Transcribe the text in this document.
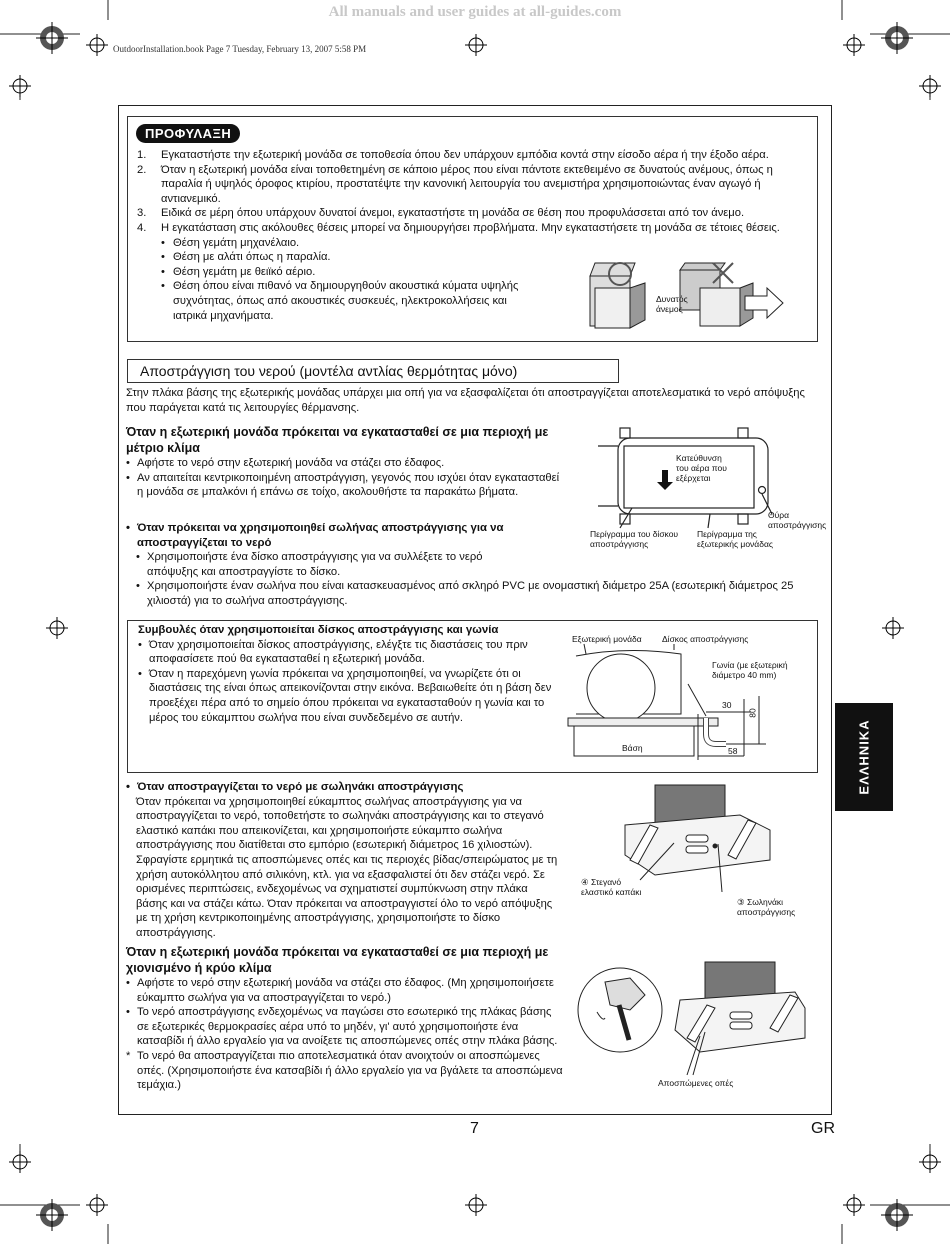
All manuals and user guides at all-guides.com
OutdoorInstallation.book Page 7 Tuesday, February 13, 2007 5:58 PM
ΠΡΟΦΥΛΑΞΗ
1.	Εγκαταστήστε την εξωτερική μονάδα σε τοποθεσία όπου δεν υπάρχουν εμπόδια κοντά στην είσοδο αέρα ή την έξοδο αέρα.
2.	Όταν η εξωτερική μονάδα είναι τοποθετημένη σε κάποιο μέρος που είναι πάντοτε εκτεθειμένο σε δυνατούς ανέμους, όπως η παραλία ή υψηλός όροφος κτιρίου, προστατέψτε την κανονική λειτουργία του ανεμιστήρα χρησιμοποιώντας έναν αγωγό ή αντιανεμικό.
3.	Ειδικά σε μέρη όπου υπάρχουν δυνατοί άνεμοι, εγκαταστήστε τη μονάδα σε θέση που προφυλάσσεται από τον άνεμο.
4.	Η εγκατάσταση στις ακόλουθες θέσεις μπορεί να δημιουργήσει προβλήματα. Μην εγκαταστήσετε τη μονάδα σε τέτοιες θέσεις.
• Θέση γεμάτη μηχανέλαιο.
• Θέση με αλάτι όπως η παραλία.
• Θέση γεμάτη με θειϊκό αέριο.
• Θέση όπου είναι πιθανό να δημιουργηθούν ακουστικά κύματα υψηλής συχνότητας, όπως από ακουστικές συσκευές, ηλεκτροκολλήσεις και ιατρικά μηχανήματα.
Δυνατός
άνεμος
Αποστράγγιση του νερού (μοντέλα αντλίας θερμότητας μόνο)
Στην πλάκα βάσης της εξωτερικής μονάδας υπάρχει μια οπή για να εξασφαλίζεται ότι αποστραγγίζεται αποτελεσματικά το νερό απόψυξης που παράγεται κατά τις λειτουργίες θέρμανσης.
Όταν η εξωτερική μονάδα πρόκειται να εγκατασταθεί σε μια περιοχή με μέτριο κλίμα
• Αφήστε το νερό στην εξωτερική μονάδα να στάζει στο έδαφος.
• Αν απαιτείται κεντρικοποιημένη αποστράγγιση, γεγονός που ισχύει όταν εγκατασταθεί η μονάδα σε μπαλκόνι ή επάνω σε τοίχο, ακολουθήστε τα παρακάτω βήματα.
• Όταν πρόκειται να χρησιμοποιηθεί σωλήνας αποστράγγισης για να αποστραγγίζεται το νερό
• Χρησιμοποιήστε ένα δίσκο αποστράγγισης για να συλλέξετε το νερό απόψυξης και αποστραγγίστε το δίσκο.
• Χρησιμοποιήστε έναν σωλήνα που είναι κατασκευασμένος από σκληρό PVC με ονομαστική διάμετρο 25A (εσωτερική διάμετρος 25 χιλιοστά) για το σωλήνα αποστράγγισης.
Κατεύθυνση
του αέρα που
εξέρχεται
Θύρα
αποστράγγισης
Περίγραμμα του δίσκου
αποστράγγισης
Περίγραμμα της
εξωτερικής μονάδας
Συμβουλές όταν χρησιμοποιείται δίσκος αποστράγγισης και γωνία
• Όταν χρησιμοποιείται δίσκος αποστράγγισης, ελέγξτε τις διαστάσεις του πριν αποφασίσετε πού θα εγκατασταθεί η εξωτερική μονάδα.
• Όταν η παρεχόμενη γωνία πρόκειται να χρησιμοποιηθεί, να γνωρίζετε ότι οι διαστάσεις της είναι όπως απεικονίζονται στην εικόνα. Βεβαιωθείτε ότι η βάση δεν προεξέχει πέρα από το σημείο όπου πρόκειται να εγκατασταθούν η γωνία και το μέρος του εύκαμπτου σωλήνα που είναι συνδεδεμένο σε αυτήν.
Εξωτερική μονάδα Δίσκος αποστράγγισης
Γωνία (με εξωτερική
διάμετρο 40 mm)
30
80
58
Βάση
• Όταν αποστραγγίζεται το νερό με σωληνάκι αποστράγγισης
Όταν πρόκειται να χρησιμοποιηθεί εύκαμπτος σωλήνας αποστράγγισης για να αποστραγγίζεται το νερό, τοποθετήστε το σωληνάκι αποστράγγισης και το στεγανό ελαστικό καπάκι που απεικονίζεται, και χρησιμοποιήστε εύκαμπτο σωλήνα αποστράγγισης που διατίθεται στο εμπόριο (εσωτερική διάμετρος 16 χιλιοστών). Σφραγίστε ερμητικά τις αποσπώμενες οπές και τις περιοχές βίδας/σπειρώματος με τη χρήση αυτοκόλλητου από σιλικόνη, κτλ. για να εξασφαλιστεί ότι δεν στάζει νερό. Σε ορισμένες περιπτώσεις, ενδεχομένως να σχηματιστεί συμπύκνωση στην πλάκα βάσης και να στάζει κάτω. Όταν πρόκειται να αποστραγγιστεί όλο το νερό απόψυξης με τη χρήση κεντρικοποιημένης αποστράγγισης, χρησιμοποιήστε το δίσκο αποστράγγισης.
④ Στεγανό
ελαστικό καπάκι
③ Σωληνάκι
αποστράγγισης
Όταν η εξωτερική μονάδα πρόκειται να εγκατασταθεί σε μια περιοχή με χιονισμένο ή κρύο κλίμα
• Αφήστε το νερό στην εξωτερική μονάδα να στάζει στο έδαφος. (Μη χρησιμοποιήσετε εύκαμπτο σωλήνα για να αποστραγγίζεται το νερό.)
• Το νερό αποστράγγισης ενδεχομένως να παγώσει στο εσωτερικό της πλάκας βάσης σε εξωτερικές θερμοκρασίες αέρα υπό το μηδέν, γι' αυτό χρησιμοποιήστε ένα κατσαβίδι ή άλλο εργαλείο για να ανοίξετε τις αποσπώμενες οπές στην πλάκα βάσης.
* Το νερό θα αποστραγγίζεται πιο αποτελεσματικά όταν ανοιχτούν οι αποσπώμενες οπές. (Χρησιμοποιήστε ένα κατσαβίδι ή άλλο εργαλείο για να βγάλετε τα αποσπώμενα τεμάχια.)	Αποσπώμενες οπές
ΕΛΛΗΝΙΚΑ
7	GR
